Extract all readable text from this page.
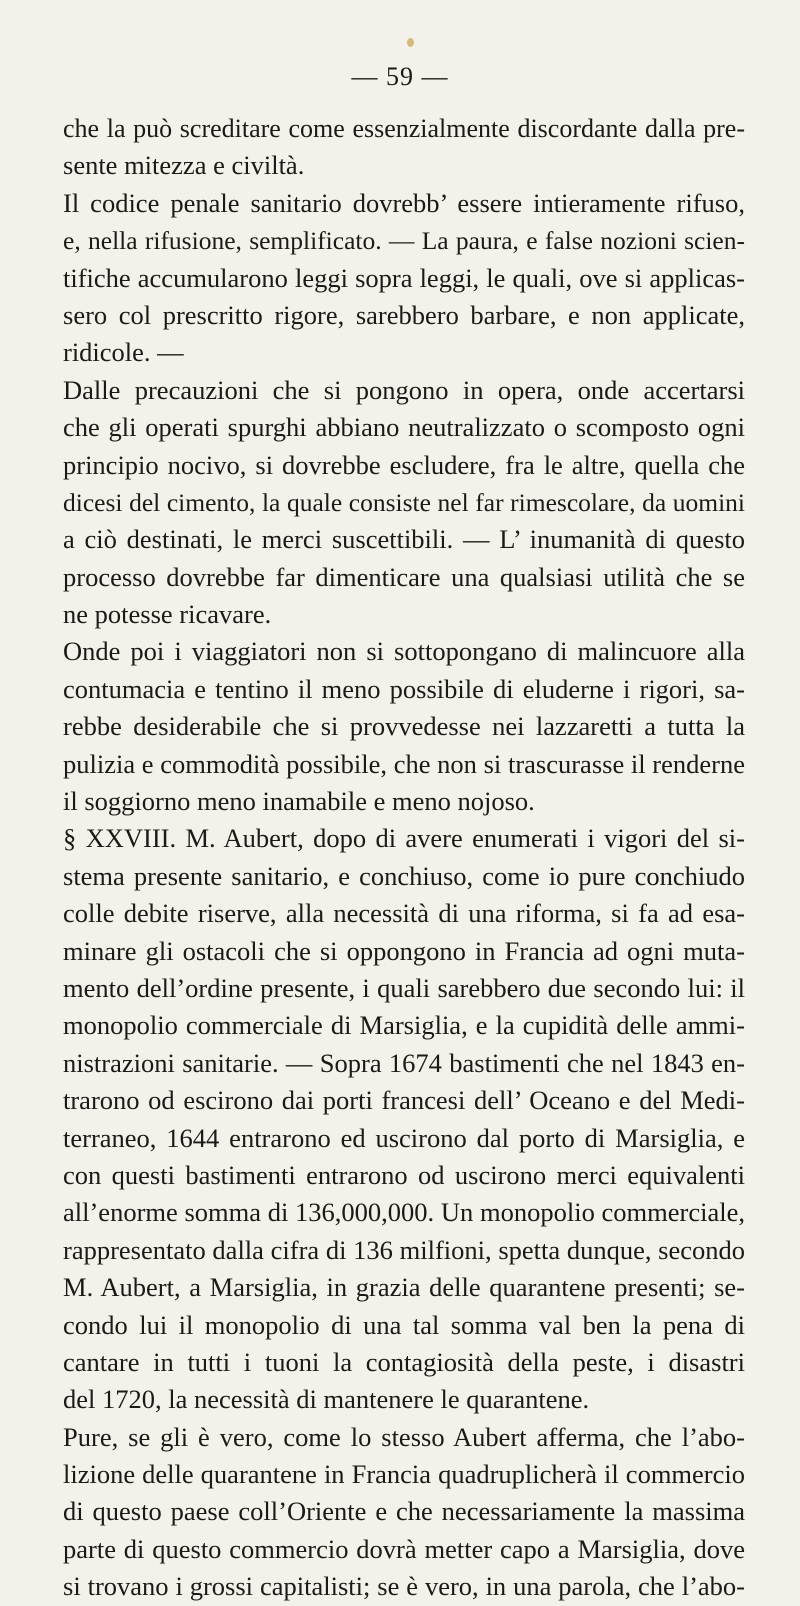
— 59 —
che la può screditare come essenzialmente discordante dalla pre-
sente mitezza e civiltà.
Il codice penale sanitario dovrebb’ essere intieramente rifuso,
e, nella rifusione, semplificato. — La paura, e false nozioni scien-
tifiche accumularono leggi sopra leggi, le quali, ove si applicas-
sero col prescritto rigore, sarebbero barbare, e non applicate,
ridicole. —
Dalle precauzioni che si pongono in opera, onde accertarsi
che gli operati spurghi abbiano neutralizzato o scomposto ogni
principio nocivo, si dovrebbe escludere, fra le altre, quella che
dicesi del cimento, la quale consiste nel far rimescolare, da uomini
a ciò destinati, le merci suscettibili. — L’ inumanità di questo
processo dovrebbe far dimenticare una qualsiasi utilità che se
ne potesse ricavare.
Onde poi i viaggiatori non si sottopongano di malincuore alla
contumacia e tentino il meno possibile di eluderne i rigori, sa-
rebbe desiderabile che si provvedesse nei lazzaretti a tutta la
pulizia e commodità possibile, che non si trascurasse il renderne
il soggiorno meno inamabile e meno nojoso.
§ XXVIII. M. Aubert, dopo di avere enumerati i vigori del si-
stema presente sanitario, e conchiuso, come io pure conchiudo
colle debite riserve, alla necessità di una riforma, si fa ad esa-
minare gli ostacoli che si oppongono in Francia ad ogni muta-
mento dell’ordine presente, i quali sarebbero due secondo lui: il
monopolio commerciale di Marsiglia, e la cupidità delle ammi-
nistrazioni sanitarie. — Sopra 1674 bastimenti che nel 1843 en-
trarono od escirono dai porti francesi dell’ Oceano e del Medi-
terraneo, 1644 entrarono ed uscirono dal porto di Marsiglia, e
con questi bastimenti entrarono od uscirono merci equivalenti
all’enorme somma di 136,000,000. Un monopolio commerciale,
rappresentato dalla cifra di 136 milfioni, spetta dunque, secondo
M. Aubert, a Marsiglia, in grazia delle quarantene presenti; se-
condo lui il monopolio di una tal somma val ben la pena di
cantare in tutti i tuoni la contagiosità della peste, i disastri
del 1720, la necessità di mantenere le quarantene.
Pure, se gli è vero, come lo stesso Aubert afferma, che l’abo-
lizione delle quarantene in Francia quadruplicherà il commercio
di questo paese coll’Oriente e che necessariamente la massima
parte di questo commercio dovrà metter capo a Marsiglia, dove
si trovano i grossi capitalisti; se è vero, in una parola, che l’abo-
